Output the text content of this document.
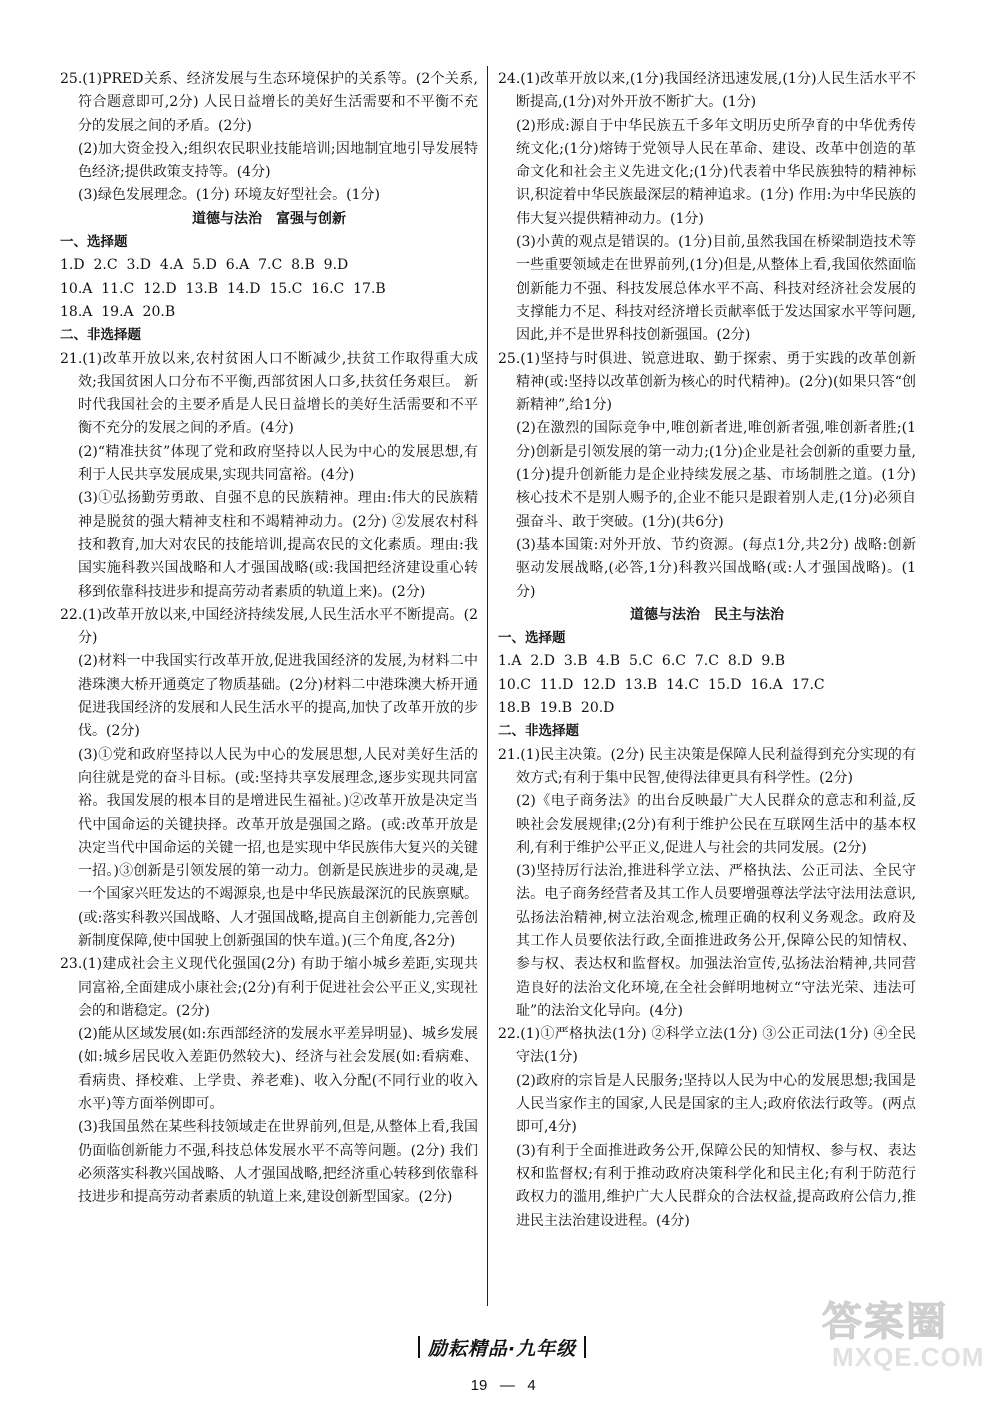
25.(1)PRED关系、经济发展与生态环境保护的关系等。(2个关系,符合题意即可,2分) 人民日益增长的美好生活需要和不平衡不充分的发展之间的矛盾。(2分)

(2)加大资金投入;组织农民职业技能培训;因地制宜地引导发展特色经济;提供政策支持等。(4分)

(3)绿色发展理念。(1分) 环境友好型社会。(1分)

道德与法治　富强与创新

一、选择题

1.D  2.C  3.D  4.A  5.D  6.A  7.C  8.B  9.D

10.A  11.C  12.D  13.B  14.D  15.C  16.C  17.B

18.A  19.A  20.B

二、非选择题

21.(1)改革开放以来,农村贫困人口不断减少,扶贫工作取得重大成效;我国贫困人口分布不平衡,西部贫困人口多,扶贫任务艰巨。 新时代我国社会的主要矛盾是人民日益增长的美好生活需要和不平衡不充分的发展之间的矛盾。(4分)

(2)“精准扶贫”体现了党和政府坚持以人民为中心的发展思想,有利于人民共享发展成果,实现共同富裕。(4分)

(3)①弘扬勤劳勇敢、自强不息的民族精神。理由:伟大的民族精神是脱贫的强大精神支柱和不竭精神动力。(2分) ②发展农村科技和教育,加大对农民的技能培训,提高农民的文化素质。理由:我国实施科教兴国战略和人才强国战略(或:我国把经济建设重心转移到依靠科技进步和提高劳动者素质的轨道上来)。(2分)

22.(1)改革开放以来,中国经济持续发展,人民生活水平不断提高。(2分)

(2)材料一中我国实行改革开放,促进我国经济的发展,为材料二中港珠澳大桥开通奠定了物质基础。(2分)材料二中港珠澳大桥开通促进我国经济的发展和人民生活水平的提高,加快了改革开放的步伐。(2分)

(3)①党和政府坚持以人民为中心的发展思想,人民对美好生活的向往就是党的奋斗目标。(或:坚持共享发展理念,逐步实现共同富裕。我国发展的根本目的是增进民生福祉。)②改革开放是决定当代中国命运的关键抉择。改革开放是强国之路。(或:改革开放是决定当代中国命运的关键一招,也是实现中华民族伟大复兴的关键一招。)③创新是引领发展的第一动力。创新是民族进步的灵魂,是一个国家兴旺发达的不竭源泉,也是中华民族最深沉的民族禀赋。(或:落实科教兴国战略、人才强国战略,提高自主创新能力,完善创新制度保障,使中国驶上创新强国的快车道。)(三个角度,各2分)

23.(1)建成社会主义现代化强国(2分) 有助于缩小城乡差距,实现共同富裕,全面建成小康社会;(2分)有利于促进社会公平正义,实现社会的和谐稳定。(2分)

(2)能从区域发展(如:东西部经济的发展水平差异明显)、城乡发展(如:城乡居民收入差距仍然较大)、经济与社会发展(如:看病难、看病贵、择校难、上学贵、养老难)、收入分配(不同行业的收入水平)等方面举例即可。

(3)我国虽然在某些科技领域走在世界前列,但是,从整体上看,我国仍面临创新能力不强,科技总体发展水平不高等问题。(2分) 我们必须落实科教兴国战略、人才强国战略,把经济重心转移到依靠科技进步和提高劳动者素质的轨道上来,建设创新型国家。(2分)

24.(1)改革开放以来,(1分)我国经济迅速发展,(1分)人民生活水平不断提高,(1分)对外开放不断扩大。(1分)

(2)形成:源自于中华民族五千多年文明历史所孕育的中华优秀传统文化;(1分)熔铸于党领导人民在革命、建设、改革中创造的革命文化和社会主义先进文化;(1分)代表着中华民族独特的精神标识,积淀着中华民族最深层的精神追求。(1分) 作用:为中华民族的伟大复兴提供精神动力。(1分)

(3)小黄的观点是错误的。(1分)目前,虽然我国在桥梁制造技术等一些重要领域走在世界前列,(1分)但是,从整体上看,我国依然面临创新能力不强、科技发展总体水平不高、科技对经济社会发展的支撑能力不足、科技对经济增长贡献率低于发达国家水平等问题,因此,并不是世界科技创新强国。(2分)

25.(1)坚持与时俱进、锐意进取、勤于探索、勇于实践的改革创新精神(或:坚持以改革创新为核心的时代精神)。(2分)(如果只答“创新精神”,给1分)

(2)在激烈的国际竞争中,唯创新者进,唯创新者强,唯创新者胜;(1分)创新是引领发展的第一动力;(1分)企业是社会创新的重要力量,(1分)提升创新能力是企业持续发展之基、市场制胜之道。(1分)核心技术不是别人赐予的,企业不能只是跟着别人走,(1分)必须自强奋斗、敢于突破。(1分)(共6分)

(3)基本国策:对外开放、节约资源。(每点1分,共2分) 战略:创新驱动发展战略,(必答,1分)科教兴国战略(或:人才强国战略)。(1分)

道德与法治　民主与法治

一、选择题

1.A  2.D  3.B  4.B  5.C  6.C  7.C  8.D  9.B

10.C  11.D  12.D  13.B  14.C  15.D  16.A  17.C

18.B  19.B  20.D

二、非选择题

21.(1)民主决策。(2分) 民主决策是保障人民利益得到充分实现的有效方式;有利于集中民智,使得法律更具有科学性。(2分)

(2)《电子商务法》的出台反映最广大人民群众的意志和利益,反映社会发展规律;(2分)有利于维护公民在互联网生活中的基本权利,有利于维护公平正义,促进人与社会的共同发展。(2分)

(3)坚持厉行法治,推进科学立法、严格执法、公正司法、全民守法。电子商务经营者及其工作人员要增强尊法学法守法用法意识,弘扬法治精神,树立法治观念,梳理正确的权利义务观念。政府及其工作人员要依法行政,全面推进政务公开,保障公民的知情权、参与权、表达权和监督权。加强法治宣传,弘扬法治精神,共同营造良好的法治文化环境,在全社会鲜明地树立“守法光荣、违法可耻”的法治文化导向。(4分)

22.(1)①严格执法(1分) ②科学立法(1分) ③公正司法(1分) ④全民守法(1分)

(2)政府的宗旨是人民服务;坚持以人民为中心的发展思想;我国是人民当家作主的国家,人民是国家的主人;政府依法行政等。(两点即可,4分)

(3)有利于全面推进政务公开,保障公民的知情权、参与权、表达权和监督权;有利于推动政府决策科学化和民主化;有利于防范行政权力的滥用,维护广大人民群众的合法权益,提高政府公信力,推进民主法治建设进程。(4分)

励耘精品·九年级

19   —   4

答案圈
MXQE.COM
